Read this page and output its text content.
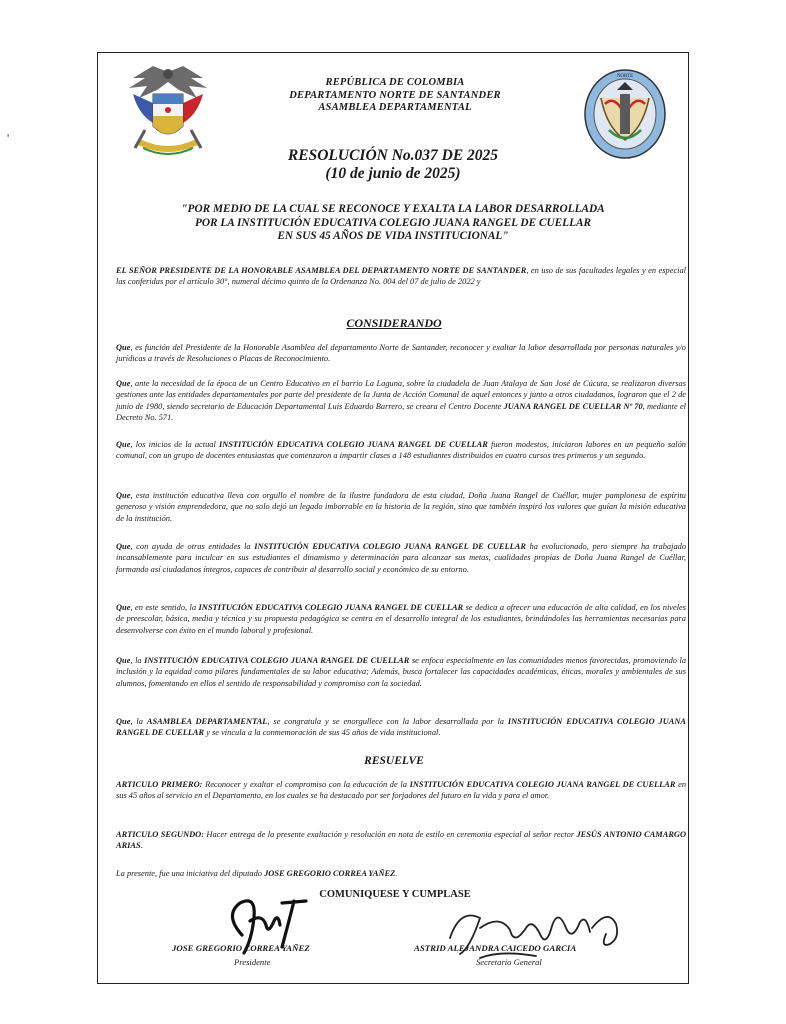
'
NORTE
REPÚBLICA DE COLOMBIA
DEPARTAMENTO NORTE DE SANTANDER
ASAMBLEA DEPARTAMENTAL
RESOLUCIÓN No.037 DE 2025
(10 de junio de 2025)
"POR MEDIO DE LA CUAL SE RECONOCE Y EXALTA LA LABOR DESARROLLADA
POR LA INSTITUCIÓN EDUCATIVA COLEGIO JUANA RANGEL DE CUELLAR
EN SUS 45 AÑOS DE VIDA INSTITUCIONAL"
EL SEÑOR PRESIDENTE DE LA HONORABLE ASAMBLEA DEL DEPARTAMENTO NORTE DE SANTANDER, en uso de sus facultades legales y en especial las conferidas por el artículo 30°, numeral décimo quinto de la Ordenanza No. 004 del 07 de julio de 2022 y
CONSIDERANDO
Que, es función del Presidente de la Honorable Asamblea del departamento Norte de Santander, reconocer y exaltar la labor desarrollada por personas naturales y/o jurídicas a través de Resoluciones o Placas de Reconocimiento.
Que, ante la necesidad de la época de un Centro Educativo en el barrio La Laguna, sobre la ciudadela de Juan Atalaya de San José de Cúcuta, se realizaron diversas gestiones ante las entidades departamentales por parte del presidente de la Junta de Acción Comunal de aquel entonces y junto a otros ciudadanos, lograron que el 2 de junio de 1980, siendo secretario de Educación Departamental Luis Eduardo Barrero, se creara el Centro Docente JUANA RANGEL DE CUELLAR Nº 70, mediante el Decreto No. 571.
Que, los inicios de la actual INSTITUCIÓN EDUCATIVA COLEGIO JUANA RANGEL DE CUELLAR fueron modestos, iniciaron labores en un pequeño salón comunal, con un grupo de docentes entusiastas que comenzaron a impartir clases a 148 estudiantes distribuidos en cuatro cursos tres primeros y un segundo.
Que, esta institución educativa lleva con orgullo el nombre de la ilustre fundadora de esta ciudad, Doña Juana Rangel de Cuéllar, mujer pamplonesa de espíritu generoso y visión emprendedora, que no solo dejó un legado imborrable en la historia de la región, sino que también inspiró los valores que guían la misión educativa de la institución.
Que, con ayuda de otras entidades la INSTITUCIÓN EDUCATIVA COLEGIO JUANA RANGEL DE CUELLAR ha evolucionado, pero siempre ha trabajado incansablemente para inculcar en sus estudiantes el dinamismo y determinación para alcanzar sus metas, cualidades propias de Doña Juana Rangel de Cuéllar, formando así ciudadanos íntegros, capaces de contribuir al desarrollo social y económico de su entorno.
Que, en este sentido, la INSTITUCIÓN EDUCATIVA COLEGIO JUANA RANGEL DE CUELLAR se dedica a ofrecer una educación de alta calidad, en los niveles de preescolar, básica, media y técnica y su propuesta pedagógica se centra en el desarrollo integral de los estudiantes, brindándoles las herramientas necesarias para desenvolverse con éxito en el mundo laboral y profesional.
Que, la INSTITUCIÓN EDUCATIVA COLEGIO JUANA RANGEL DE CUELLAR se enfoca especialmente en las comunidades menos favorecidas, promoviendo la inclusión y la equidad como pilares fundamentales de su labor educativa; Además, busca fortalecer las capacidades académicas, éticas, morales y ambientales de sus alumnos, fomentando en ellos el sentido de responsabilidad y compromiso con la sociedad.
Que, la ASAMBLEA DEPARTAMENTAL, se congratula y se enorgullece con la labor desarrollada por la INSTITUCIÓN EDUCATIVA COLEGIO JUANA RANGEL DE CUELLAR y se vincula a la conmemoración de sus 45 años de vida institucional.
RESUELVE
ARTICULO PRIMERO: Reconocer y exaltar el compromiso con la educación de la INSTITUCIÓN EDUCATIVA COLEGIO JUANA RANGEL DE CUELLAR en sus 45 años al servicio en el Departamento, en los cuales se ha destacado por ser forjadores del futuro en la vida y para el amor.
ARTICULO SEGUNDO: Hacer entrega de la presente exaltación y resolución en nota de estilo en ceremonia especial al señor rector JESÚS ANTONIO CAMARGO ARIAS.
La presente, fue una iniciativa del diputado JOSE GREGORIO CORREA YAÑEZ.
COMUNIQUESE Y CUMPLASE
JOSE GREGORIO CORREA YAÑEZ
Presidente
ASTRID ALEJANDRA CAICEDO GARCIA
Secretario General
